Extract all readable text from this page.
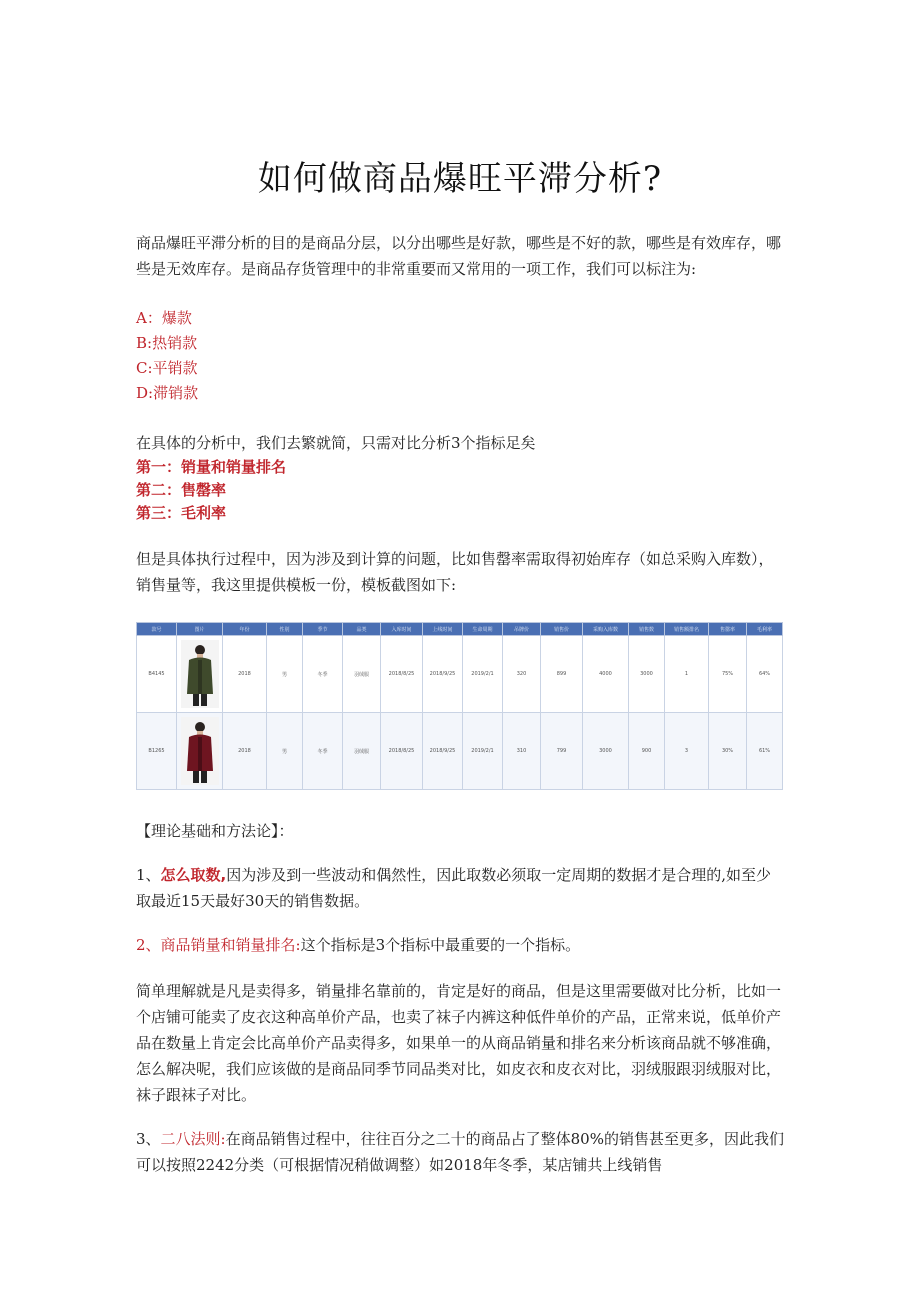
如何做商品爆旺平滞分析?

商品爆旺平滞分析的目的是商品分层，以分出哪些是好款，哪些是不好的款，哪些是有效库存，哪些是无效库存。是商品存货管理中的非常重要而又常用的一项工作，我们可以标注为:

A：爆款
B:热销款
C:平销款
D:滞销款

在具体的分析中，我们去繁就简，只需对比分析3个指标足矣

第一：销量和销量排名
第二：售罄率
第三：毛利率

但是具体执行过程中，因为涉及到计算的问题，比如售罄率需取得初始库存（如总采购入库数），销售量等，我这里提供模板一份，模板截图如下:

款号	图片	年份	性别	季节	品类	入库时间	上线时间	生命周期	吊牌价	销售价	采购入库数	销售数	销售额排名	售罄率	毛利率
B4145		2018	男	冬季	羽绒服	2018/8/25	2018/9/25	2019/2/1	320	899	4000	3000	1	75%	64%
B1265		2018	男	冬季	羽绒服	2018/8/25	2018/9/25	2019/2/1	310	799	3000	900	3	30%	61%

【理论基础和方法论】：

1、怎么取数,因为涉及到一些波动和偶然性，因此取数必须取一定周期的数据才是合理的,如至少取最近15天最好30天的销售数据。

2、商品销量和销量排名:这个指标是3个指标中最重要的一个指标。

简单理解就是凡是卖得多，销量排名靠前的，肯定是好的商品，但是这里需要做对比分析，比如一个店铺可能卖了皮衣这种高单价产品，也卖了袜子内裤这种低件单价的产品，正常来说，低单价产品在数量上肯定会比高单价产品卖得多，如果单一的从商品销量和排名来分析该商品就不够准确，怎么解决呢，我们应该做的是商品同季节同品类对比，如皮衣和皮衣对比，羽绒服跟羽绒服对比，袜子跟袜子对比。

3、二八法则:在商品销售过程中，往往百分之二十的商品占了整体80%的销售甚至更多，因此我们可以按照2242分类（可根据情况稍做调整）如2018年冬季，某店铺共上线销售
